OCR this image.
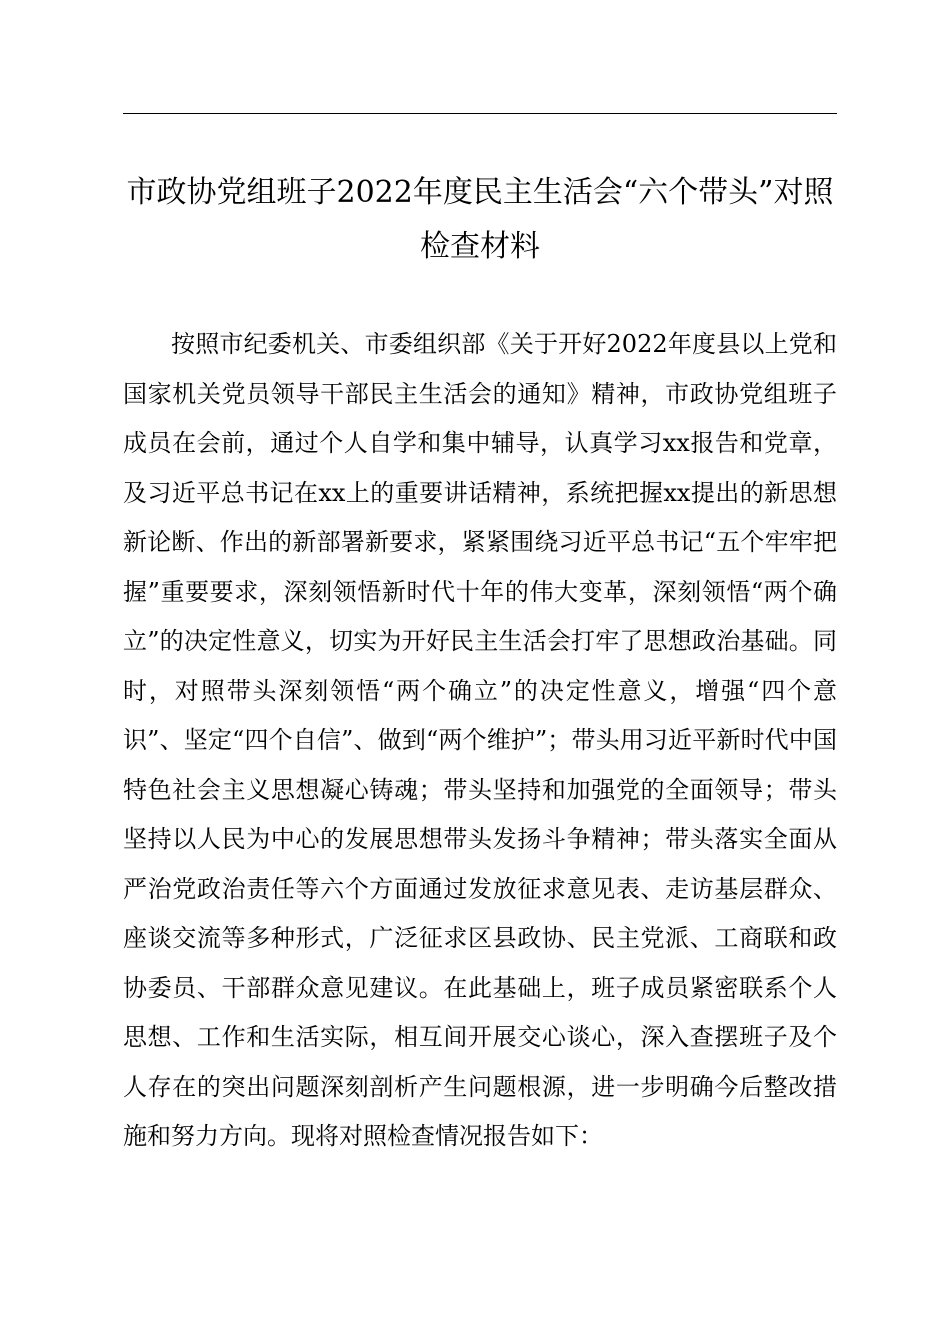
市政协党组班子2022年度民主生活会“六个带头”对照检查材料

按照市纪委机关、市委组织部《关于开好2022年度县以上党和国家机关党员领导干部民主生活会的通知》精神，市政协党组班子成员在会前，通过个人自学和集中辅导，认真学习xx报告和党章，及习近平总书记在xx上的重要讲话精神，系统把握xx提出的新思想新论断、作出的新部署新要求，紧紧围绕习近平总书记“五个牢牢把握”重要要求，深刻领悟新时代十年的伟大变革，深刻领悟“两个确立”的决定性意义，切实为开好民主生活会打牢了思想政治基础。同时，对照带头深刻领悟“两个确立”的决定性意义，增强“四个意识”、坚定“四个自信”、做到“两个维护”；带头用习近平新时代中国特色社会主义思想凝心铸魂；带头坚持和加强党的全面领导；带头坚持以人民为中心的发展思想带头发扬斗争精神；带头落实全面从严治党政治责任等六个方面通过发放征求意见表、走访基层群众、座谈交流等多种形式，广泛征求区县政协、民主党派、工商联和政协委员、干部群众意见建议。在此基础上，班子成员紧密联系个人思想、工作和生活实际，相互间开展交心谈心，深入查摆班子及个人存在的突出问题深刻剖析产生问题根源，进一步明确今后整改措施和努力方向。现将对照检查情况报告如下：
